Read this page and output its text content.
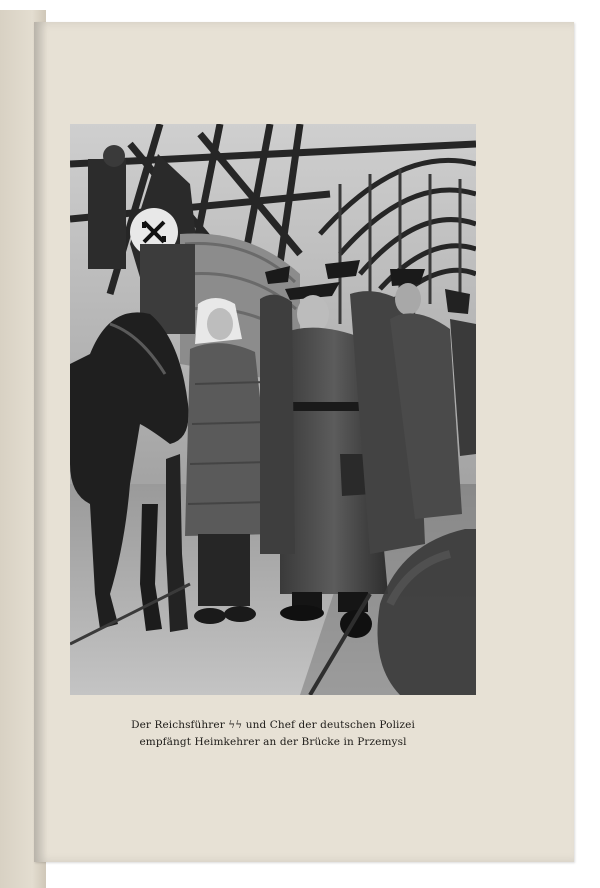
Der Reichsführer ϟϟ und Chef der deutschen Polizei
empfängt Heimkehrer an der Brücke in Przemysl
